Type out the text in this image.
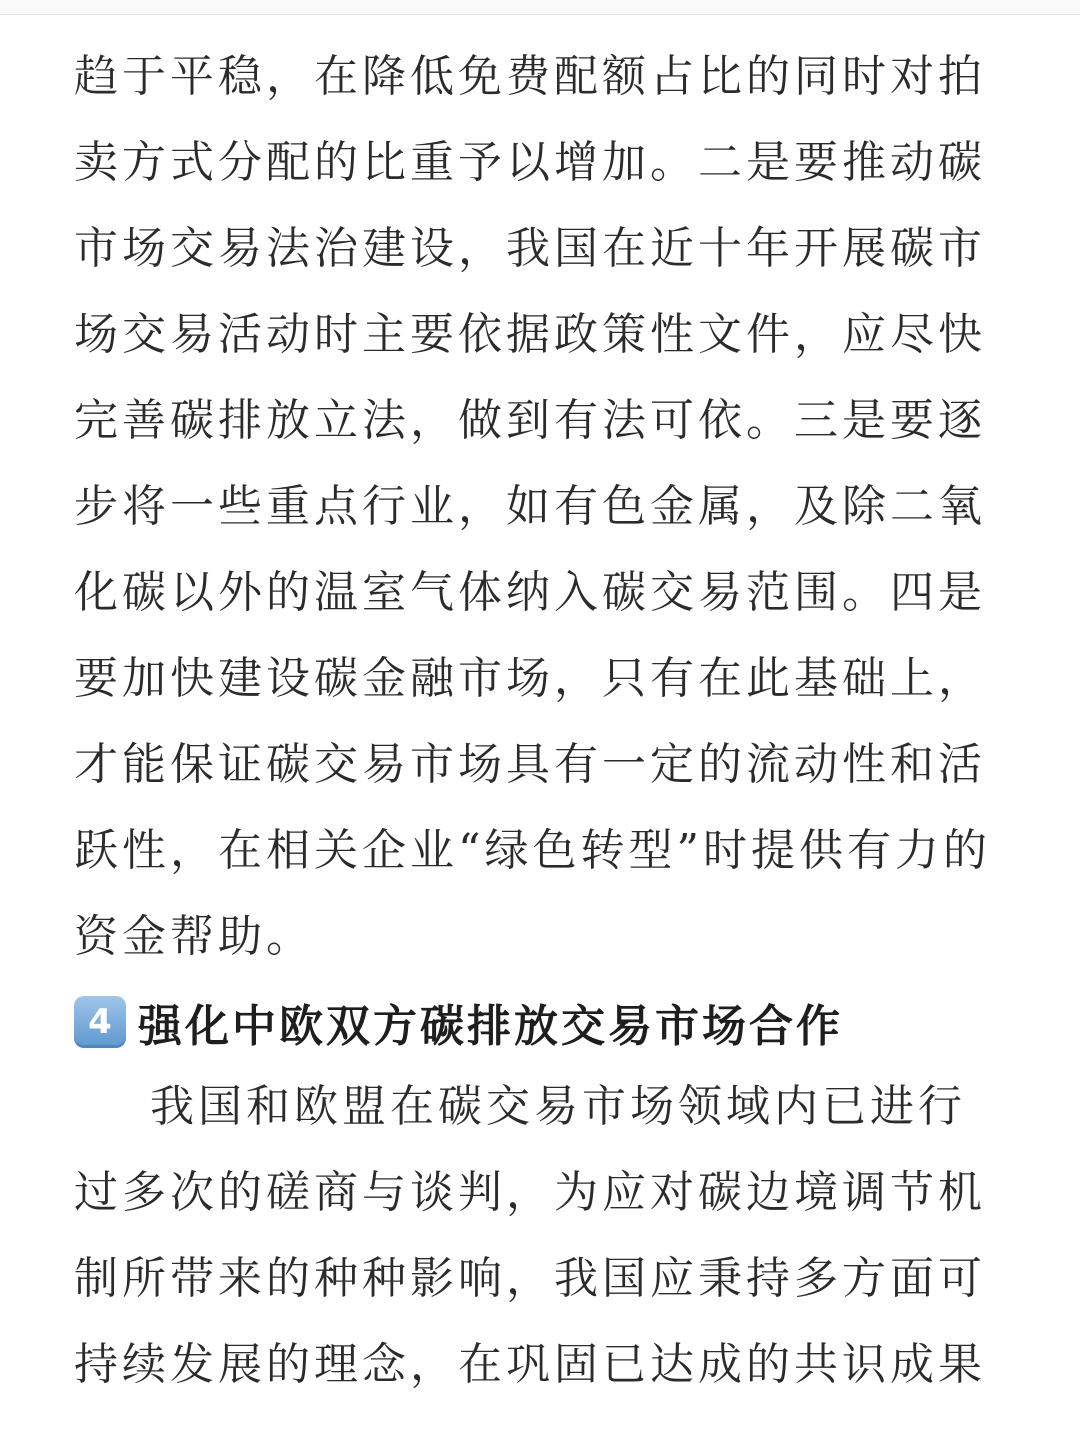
趋于平稳，在降低免费配额占比的同时对拍
卖方式分配的比重予以增加。二是要推动碳
市场交易法治建设，我国在近十年开展碳市
场交易活动时主要依据政策性文件，应尽快
完善碳排放立法，做到有法可依。三是要逐
步将一些重点行业，如有色金属，及除二氧
化碳以外的温室气体纳入碳交易范围。四是
要加快建设碳金融市场，只有在此基础上，
才能保证碳交易市场具有一定的流动性和活
跃性，在相关企业“绿色转型”时提供有力的
资金帮助。
4 强化中欧双方碳排放交易市场合作
我国和欧盟在碳交易市场领域内已进行
过多次的磋商与谈判，为应对碳边境调节机
制所带来的种种影响，我国应秉持多方面可
持续发展的理念，在巩固已达成的共识成果
